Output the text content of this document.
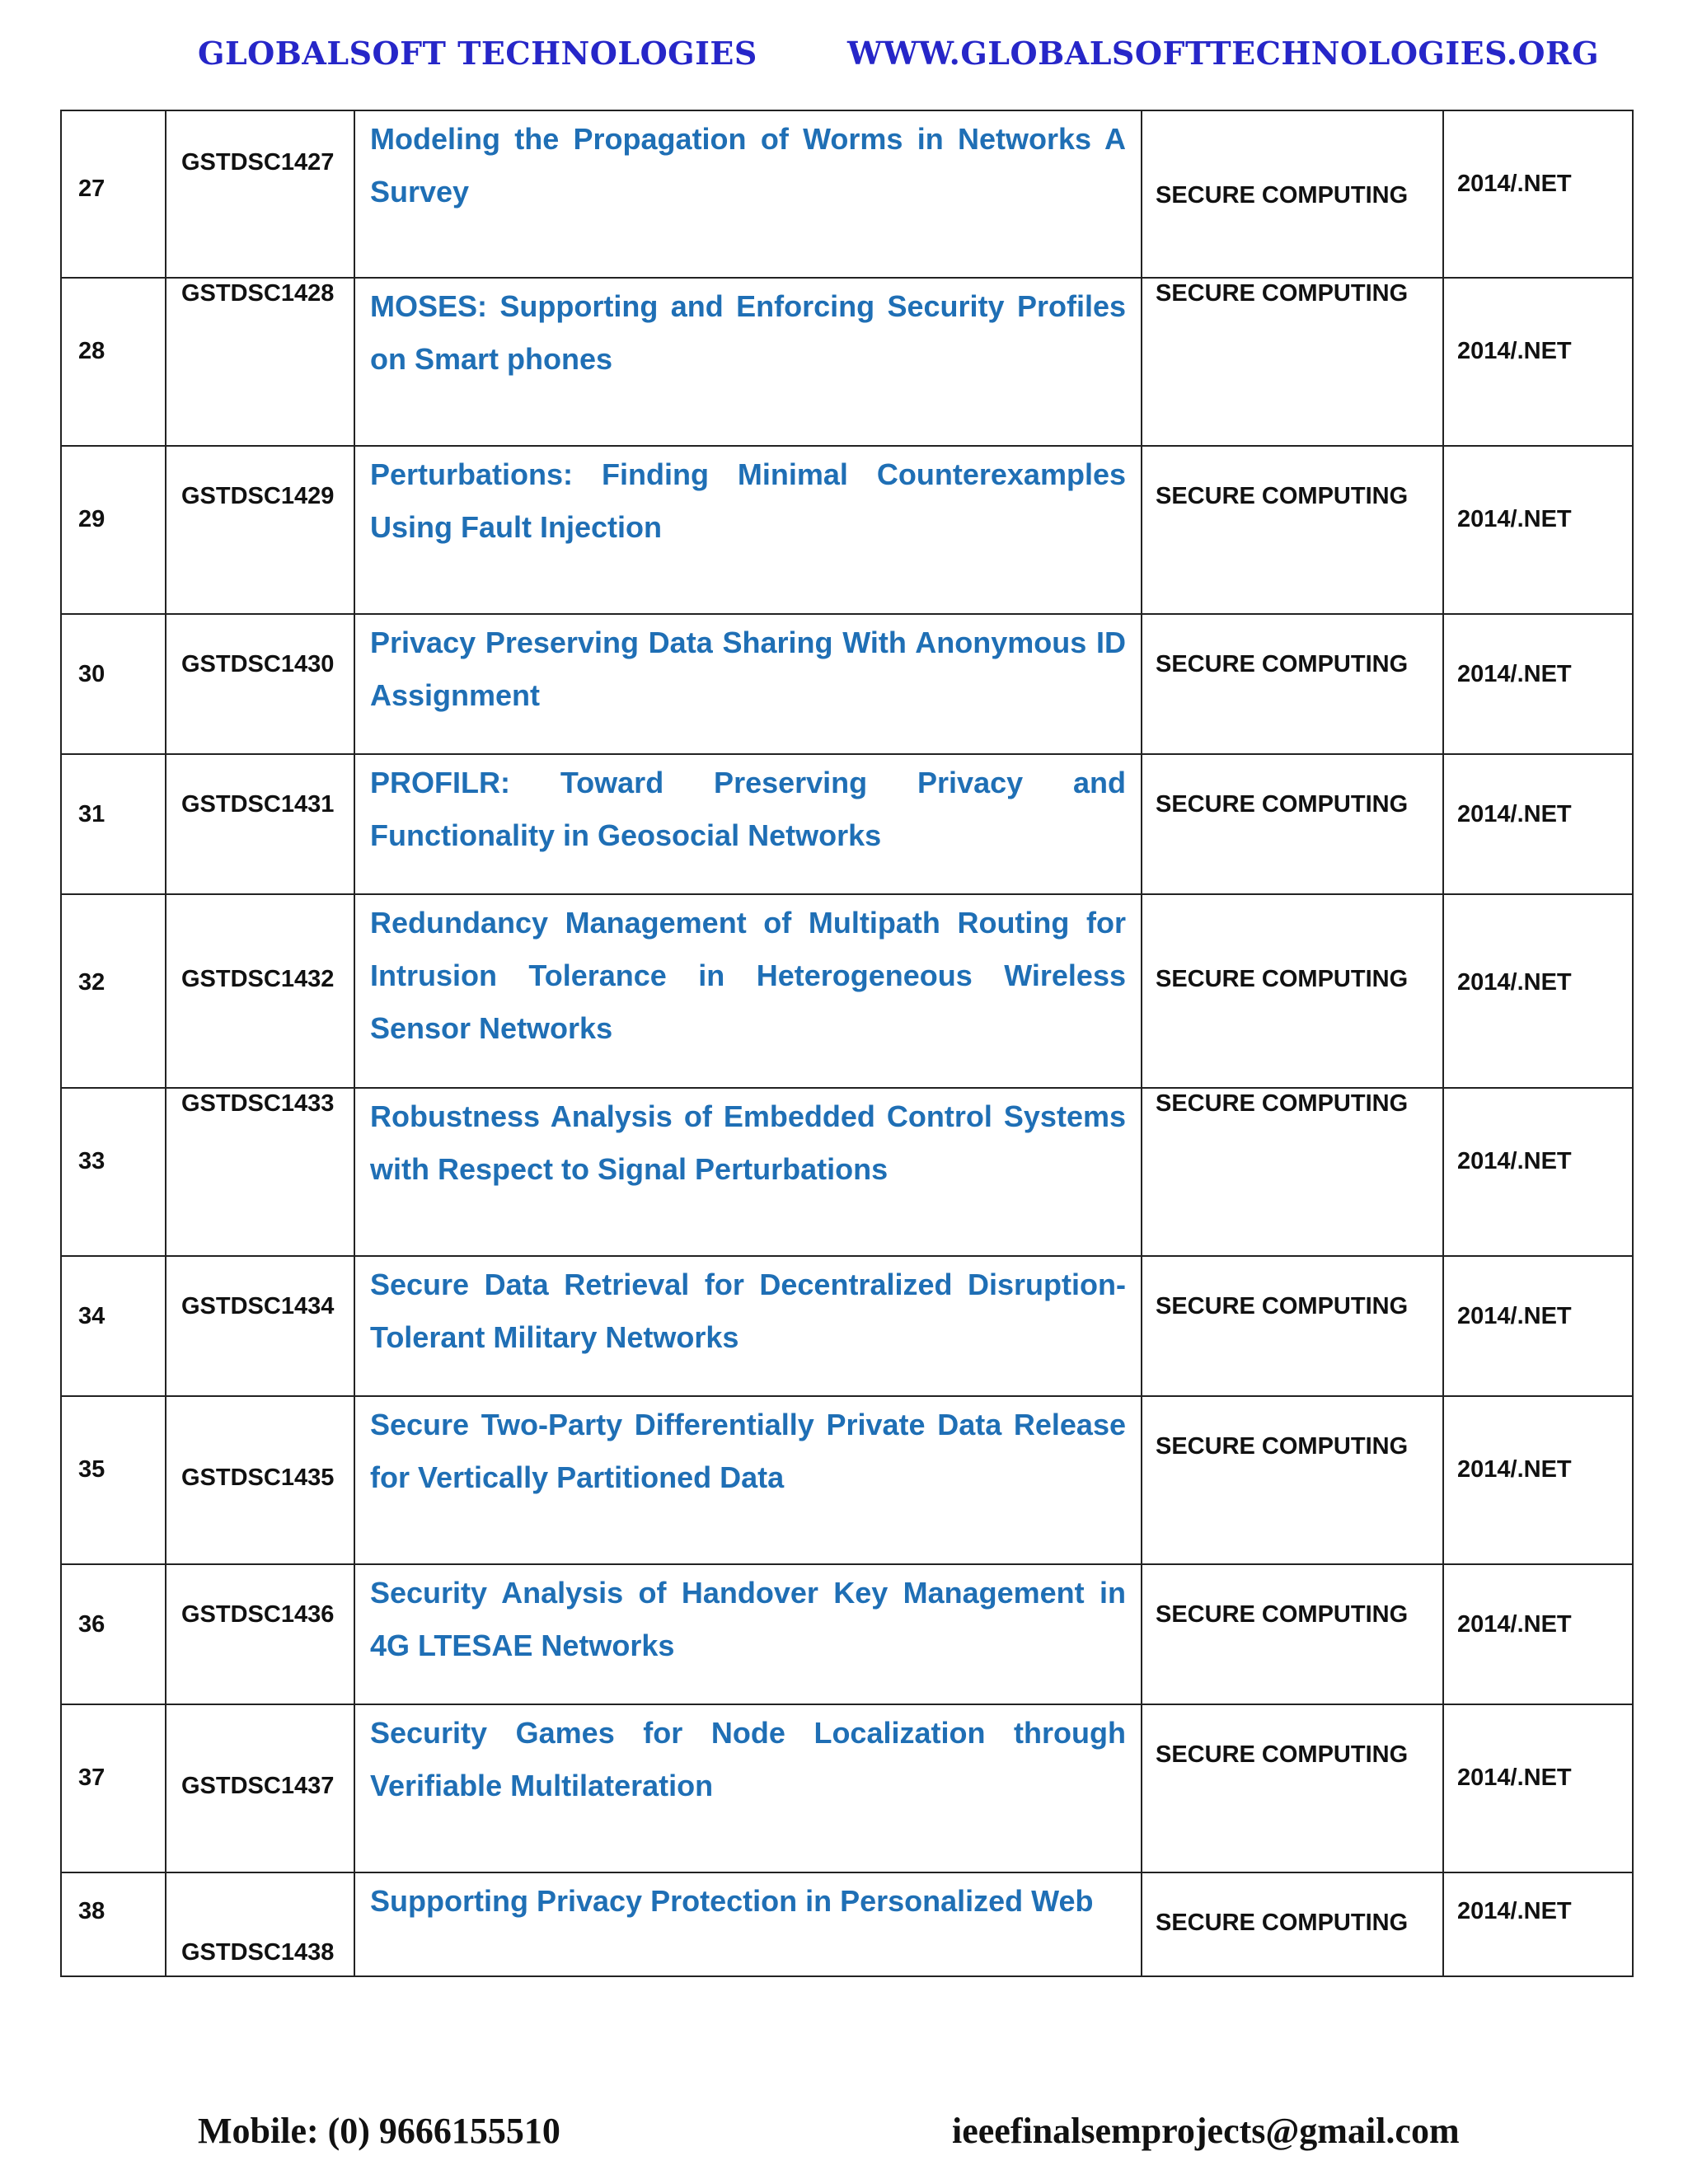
GLOBALSOFT TECHNOLOGIES	WWW.GLOBALSOFTTECHNOLOGIES.ORG
27	GSTDSC1427	Modeling the Propagation of Worms in Networks A Survey	SECURE COMPUTING	2014/.NET

28	GSTDSC1428	MOSES: Supporting and Enforcing Security Profiles on Smart phones	SECURE COMPUTING	2014/.NET

29	GSTDSC1429	Perturbations: Finding Minimal Counterexamples Using Fault Injection	SECURE COMPUTING	2014/.NET

30	GSTDSC1430	Privacy Preserving Data Sharing With Anonymous ID Assignment	SECURE COMPUTING	2014/.NET

31	GSTDSC1431	PROFILR: Toward Preserving Privacy and Functionality in Geosocial Networks	SECURE COMPUTING	2014/.NET

32	GSTDSC1432	Redundancy Management of Multipath Routing for Intrusion Tolerance in Heterogeneous Wireless Sensor Networks	SECURE COMPUTING	2014/.NET

33	GSTDSC1433	Robustness Analysis of Embedded Control Systems with Respect to Signal Perturbations	SECURE COMPUTING	2014/.NET

34	GSTDSC1434	Secure Data Retrieval for Decentralized Disruption-Tolerant Military Networks	SECURE COMPUTING	2014/.NET

35	GSTDSC1435	Secure Two-Party Differentially Private Data Release for Vertically Partitioned Data	SECURE COMPUTING	2014/.NET

36	GSTDSC1436	Security Analysis of Handover Key Management in 4G LTESAE Networks	SECURE COMPUTING	2014/.NET

37	GSTDSC1437	Security Games for Node Localization through Verifiable Multilateration	SECURE COMPUTING	2014/.NET

38	GSTDSC1438	Supporting Privacy Protection in Personalized Web	SECURE COMPUTING	2014/.NET
Mobile: (0) 9666155510	ieeefinalsemprojects@gmail.com
